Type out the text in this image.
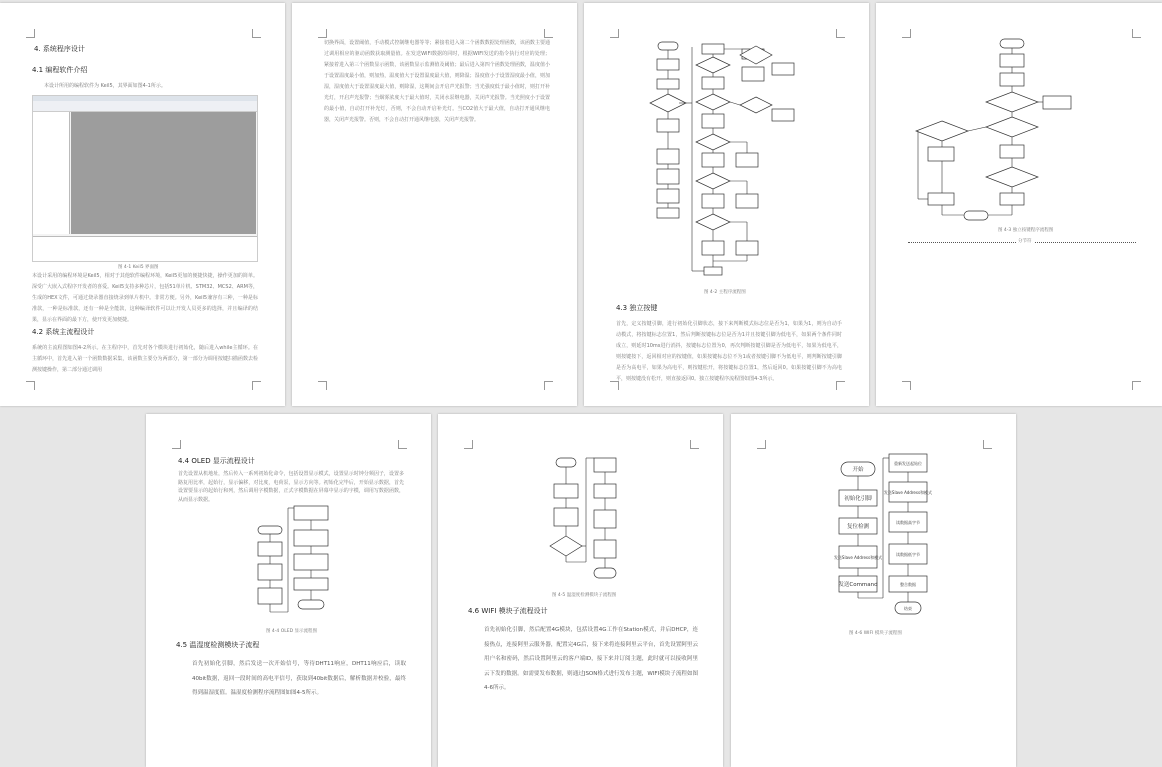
4. 系统程序设计
4.1 编程软件介绍
本设计所用的编程软件为 Keil5，其界面如图4-1所示。
图 4-1 Keil5 界面图
本设计采用的编程环境是Keil5，相对于其他软件编程环境，Keil5更加的便捷快捷，操作更加的简单。深受广大嵌入式程序开发者的喜爱。Keil5支持多种芯片，包括51单片机、STM32、MCS2、ARM等，生成的HEX文件，可通过烧录器直接烧录到单片机中。非常方便。另外，Keil5兼容有三种，一种是标准款，一种是标准款，还有一种是全能款，这种编译软件可以让开发人员更多的选择，并且编译的结果，显示在界面的最下方，使开发更加便捷。
4.2 系统主流程设计
系统的主流程图如图4-2所示。在主程序中，首先对各个模块进行初始化，随后进入while主循环。在主循环中，首先进入第一个函数数据采集，该函数主要分为两部分，第一部分为调用按键扫描函数去检测按键操作，第二部分通过调用
切换界面，设置阈值，手动模式控制继电器等等；紧接着进入第二个函数数据处理函数，该函数主要通过调用相应的驱动函数获取测量值。在发送WIFI数据的同时，根据WIFI发送的指令执行对应的处理；紧接着进入第三个函数显示函数，该函数显示监测值及阈值；最后进入第四个函数处理函数，温度值小于设置温度最小值，则加热，温度值大于设置温度最大值，则降温；湿度值小于设置湿度最小值，则加湿，湿度值大于设置湿度最大值，则除湿，这期间会开启声光报警；当光强度低于最小值时，则打开补光灯，开启声光报警；当烟雾浓度大于最大值时，关闭水泵继电器，关闭声光报警。当光照度小于设置的最小值，自动打开补光灯，否则，不会自动开启补光灯。当CO2值大于最大值，自动打开通风继电器，关闭声光报警。否则，不会自动打开通风继电器，关闭声光报警。
图 4-2 主程序流程图
4.3 独立按键
首先，定义按键引脚，进行初始化引脚状态，接下来判断模式标志位是否为1，如果为1，则为自动手动模式，将按键标志位置1，然后判断按键标志位是否为1并且按键引脚为低电平，如果两个条件同时成立，则延时10ms进行消抖，按键标志位置为0，再次判断按键引脚是否为低电平，如果为低电平，则按键按下，返回相对应的按键值，如果按键标志位不为1或者按键引脚不为低电平，则判断按键引脚是否为高电平，如果为高电平，则按键松开，将按键标志位置1，然后返回0。如果按键引脚不为高电平，则按键没有松开，则直接返回0。独立按键程序流程图如图4-3所示。
图 4-3 独立按键程序流程图
分节符
4.4 OLED 显示流程设计
首先设置从机地址，然后传入一系列初始化命令，包括设置显示模式，设置显示时钟分频因子，设置多路复用比率，起始行，显示偏移，对比度，电荷泵，显示方向等。初始化完毕后，开始显示数据，首先设置要显示的起始行和列，然后调用字模数据，正式字模数据在屏幕中显示的字模，调用写数据函数，从而显示数据。
图 4-4 OLED 显示流程图
4.5 温湿度检测模块子流程
首先初始化引脚，然后发送一次开始信号，等待DHT11响应，DHT11响应后，读取40bit数据，返回一段时间的高电平信号，获取到40bit数据后，解析数据并校验，最终得到温湿度值。温湿度检测程序流程图如图4-5所示。
图 4-5 温湿度检测模块子流程图
4.6 WIFI 模块子流程设计
首先初始化引脚，然后配置4G模块，包括设置4G工作在Station模式，并启DHCP，连接热点，连接阿里云服务器，配置完4G后，接下来将连接阿里云平台，首先设置阿里云用户名和密码，然后设置阿里云的客户端ID，接下来并订阅主题，此时就可以接收阿里云下发的数据。如需要发布数据，则通过JSON格式进行发布主题，WIFI模块子流程如图4-6所示。
开始
初始化引脚
复位检测
发送Slave Address和模式
发送Command
重新发送起始位
发送Slave Address和模式
读数据高字节
读数据低字节
整合数据
结束
图 4-6 WIFI 模块子流程图
